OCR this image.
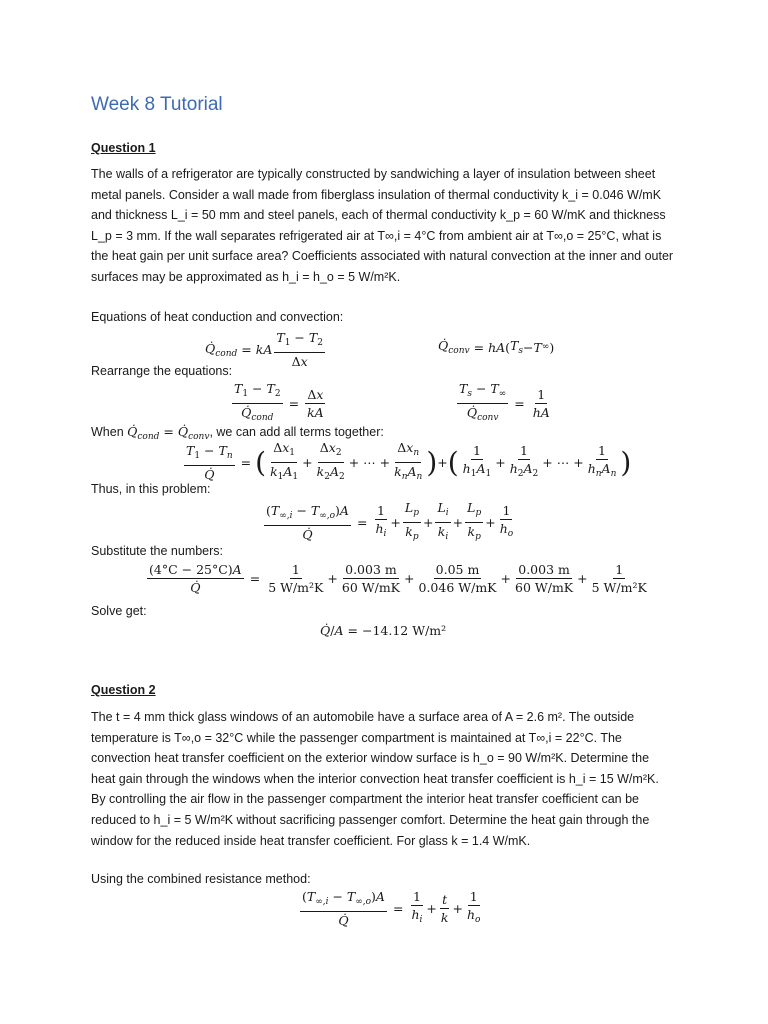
Week 8 Tutorial
Question 1
The walls of a refrigerator are typically constructed by sandwiching a layer of insulation between sheet
metal panels. Consider a wall made from fiberglass insulation of thermal conductivity k_i = 0.046 W/mK
and thickness L_i = 50 mm and steel panels, each of thermal conductivity k_p = 60 W/mK and thickness
L_p = 3 mm. If the wall separates refrigerated air at T∞,i = 4°C from ambient air at T∞,o = 25°C, what is
the heat gain per unit surface area? Coefficients associated with natural convection at the inner and outer
surfaces may be approximated as h_i = h_o = 5 W/m²K.
Equations of heat conduction and convection:
$Q̇_{cond}$ = kA $\frac{T_1 - T_2}{\Delta x}$	$Q̇_{conv}$ = hA ( $T_s - T$ ∞ )
Rearrange the equations:
$\frac{T_1 - T_2}{Q̇_{cond}} = \frac{\Delta x}{kA}$	$\frac{T_s - T_\infty}{Q̇_{conv}} = \frac{1}{hA}$
When $Q̇_{cond}$ = $Q̇_{conv}$, we can add all terms together:
$\frac{T_1 - T_n}{Q̇}$ = ( $\frac{\Delta x_1}{k_1A_1} + \frac{\Delta x_2}{k_2A_2}$ + ⋯ + $\frac{\Delta x_n}{k_nA_n}$ ) + ( $\frac{1}{h_1A_1} + \frac{1}{h_2A_2}$ + ⋯ + $\frac{1}{h_nA_n}$ )
Thus, in this problem:
$\frac{(T_{\infty,i} - T_{\infty,o})A}{Q̇} = \frac{1}{h_i} + \frac{L_p}{k_p} + \frac{L_i}{k_i} + \frac{L_p}{k_p} + \frac{1}{h_o}$
Substitute the numbers:
$\frac{(4^\circ C - 25^\circ C)A}{Q̇} = \frac{1}{\text{5 W/m²K}} + \frac{0.003 m}{60 W/mK} + \frac{0.05 m}{0.046 W/mK} + \frac{0.003 m}{60 W/mK} + \frac{1}{\text{5 W/m²K}}$
Solve get:
Q̇ / A = −14.12 W/m²
Question 2
The t = 4 mm thick glass windows of an automobile have a surface area of A = 2.6 m². The outside
temperature is T∞,o = 32°C while the passenger compartment is maintained at T∞,i = 22°C. The
convection heat transfer coefficient on the exterior window surface is h_o = 90 W/m²K. Determine the
heat gain through the windows when the interior convection heat transfer coefficient is h_i = 15 W/m²K.
By controlling the air flow in the passenger compartment the interior heat transfer coefficient can be
reduced to h_i = 5 W/m²K without sacrificing passenger comfort. Determine the heat gain through the
window for the reduced inside heat transfer coefficient. For glass k = 1.4 W/mK.
Using the combined resistance method:
$\frac{(T_{\infty,i} - T_{\infty,o})A}{Q̇} = \frac{1}{h_i} + \frac{t}{k} + \frac{1}{h_o}$
